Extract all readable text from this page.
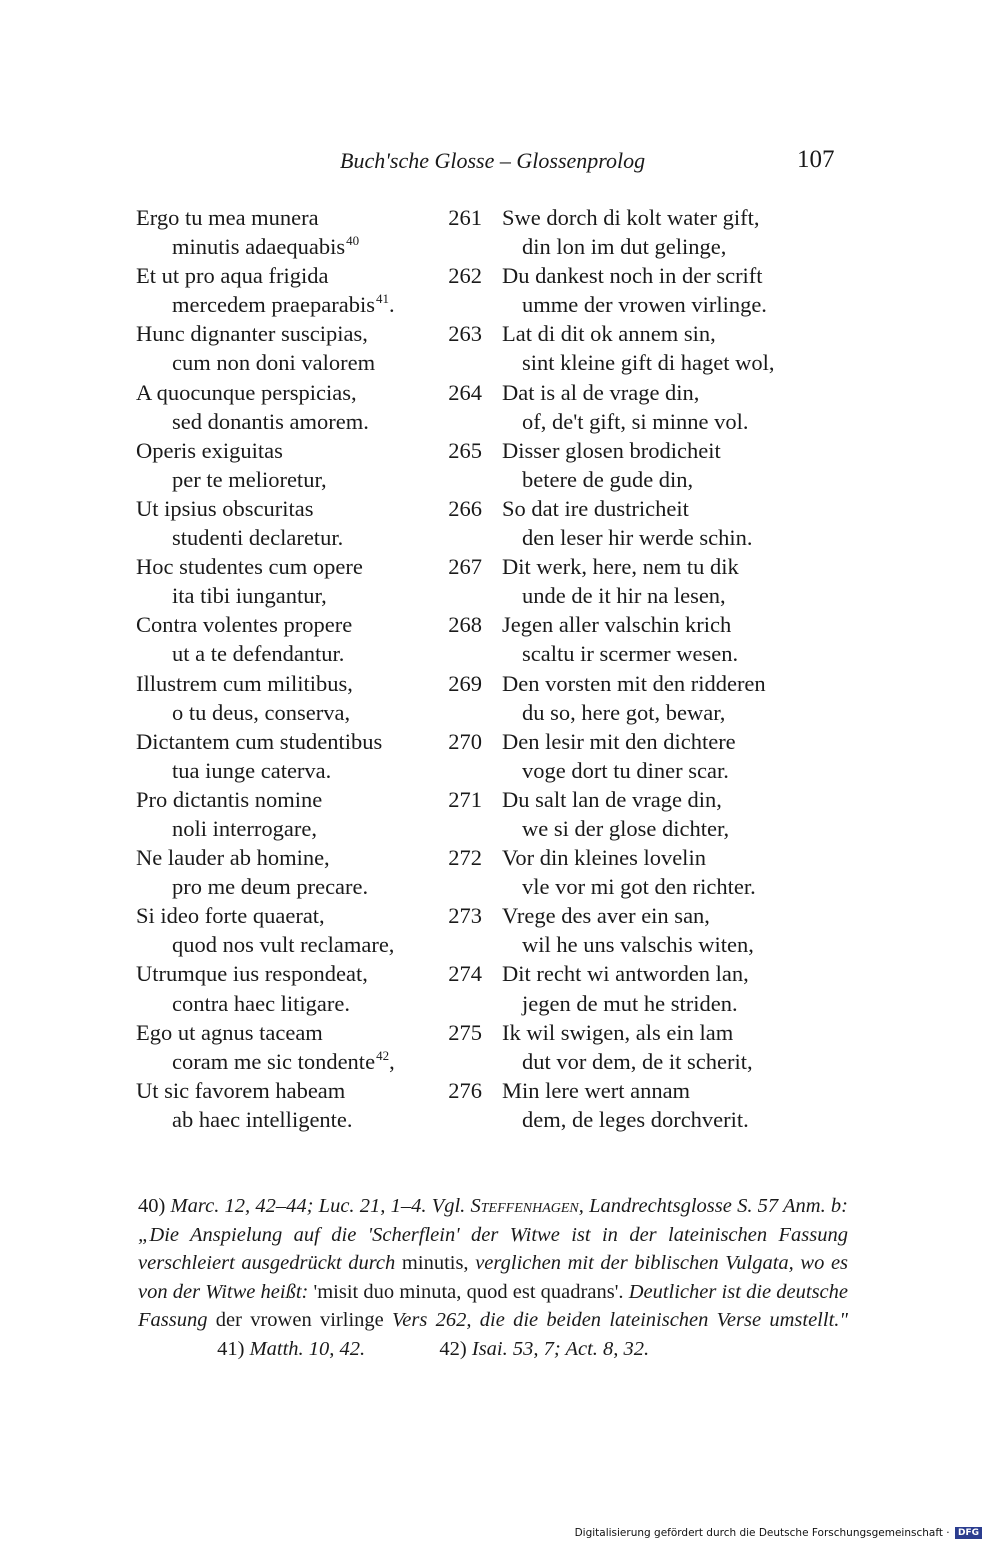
Buch'sche Glosse – Glossenprolog	107
Ergo tu mea munera
minutis adaequabis$^{40}$
261 Swe dorch di kolt water gift,
din lon im dut gelinge,
Et ut pro aqua frigida
mercedem praeparabis$^{41}$.
262 Du dankest noch in der scrift
umme der vrowen virlinge.
Hunc dignanter suscipias,
cum non doni valorem
263 Lat di dit ok annem sin,
sint kleine gift di haget wol,
A quocunque perspicias,
sed donantis amorem.
264 Dat is al de vrage din,
of, de't gift, si minne vol.
Operis exiguitas
per te melioretur,
265 Disser glosen brodicheit
betere de gude din,
Ut ipsius obscuritas
studenti declaretur.
266 So dat ire dustricheit
den leser hir werde schin.
Hoc studentes cum opere
ita tibi iungantur,
267 Dit werk, here, nem tu dik
unde de it hir na lesen,
Contra volentes propere
ut a te defendantur.
268 Jegen aller valschin krich
scaltu ir scermer wesen.
Illustrem cum militibus,
o tu deus, conserva,
269 Den vorsten mit den ridderen
du so, here got, bewar,
Dictantem cum studentibus
tua iunge caterva.
270 Den lesir mit den dichtere
voge dort tu diner scar.
Pro dictantis nomine
noli interrogare,
271 Du salt lan de vrage din,
we si der glose dichter,
Ne lauder ab homine,
pro me deum precare.
272 Vor din kleines lovelin
vle vor mi got den richter.
Si ideo forte quaerat,
quod nos vult reclamare,
273 Vrege des aver ein san,
wil he uns valschis witen,
Utrumque ius respondeat,
contra haec litigare.
274 Dit recht wi antworden lan,
jegen de mut he striden.
Ego ut agnus taceam
coram me sic tondente$^{42}$,
275 Ik wil swigen, als ein lam
dut vor dem, de it scherit,
Ut sic favorem habeam
ab haec intelligente.
276 Min lere wert annam
dem, de leges dorchverit.
40) Marc. 12, 42–44; Luc. 21, 1–4. Vgl. Steffenhagen, Landrechtsglosse S. 57 Anm. b: „Die Anspielung auf die 'Scherflein' der Witwe ist in der lateinischen Fassung verschleiert ausgedrückt durch minutis, verglichen mit der biblischen Vulgata, wo es von der Witwe heißt: 'misit duo minuta, quod est quadrans'. Deutlicher ist die deutsche Fassung der vrowen virlinge Vers 262, die die beiden lateinischen Verse umstellt."  41) Matth. 10, 42.	42) Isai. 53, 7; Act. 8, 32.
Digitalisierung gefördert durch die Deutsche Forschungsgemeinschaft · DFG
